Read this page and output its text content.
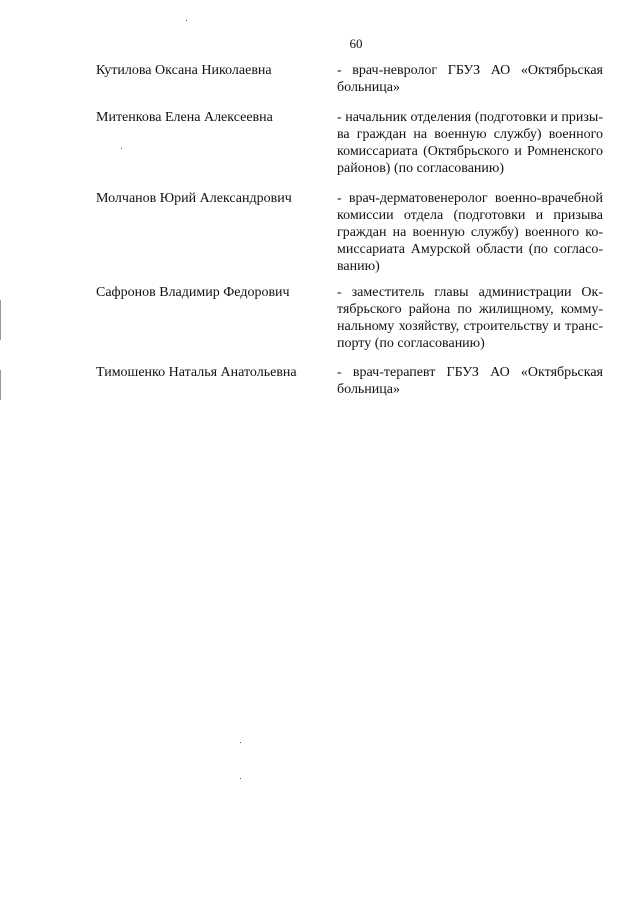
60
Кутилова Оксана Николаевна	- врач-невролог ГБУЗ АО «Октябрьская
больница»
Митенкова Елена Алексеевна	- начальник отделения (подготовки и призы-
ва граждан на военную службу) военного
комиссариата (Октябрьского и Ромненского
районов) (по согласованию)
Молчанов Юрий Александрович	- врач-дерматовенеролог военно-врачебной
комиссии отдела (подготовки и призыва
граждан на военную службу) военного ко-
миссариата Амурской области (по согласо-
ванию)
Сафронов Владимир Федорович	- заместитель главы администрации Ок-
тябрьского района по жилищному, комму-
нальному хозяйству, строительству и транс-
порту (по согласованию)
Тимошенко Наталья Анатольевна	- врач-терапевт ГБУЗ АО «Октябрьская
больница»
